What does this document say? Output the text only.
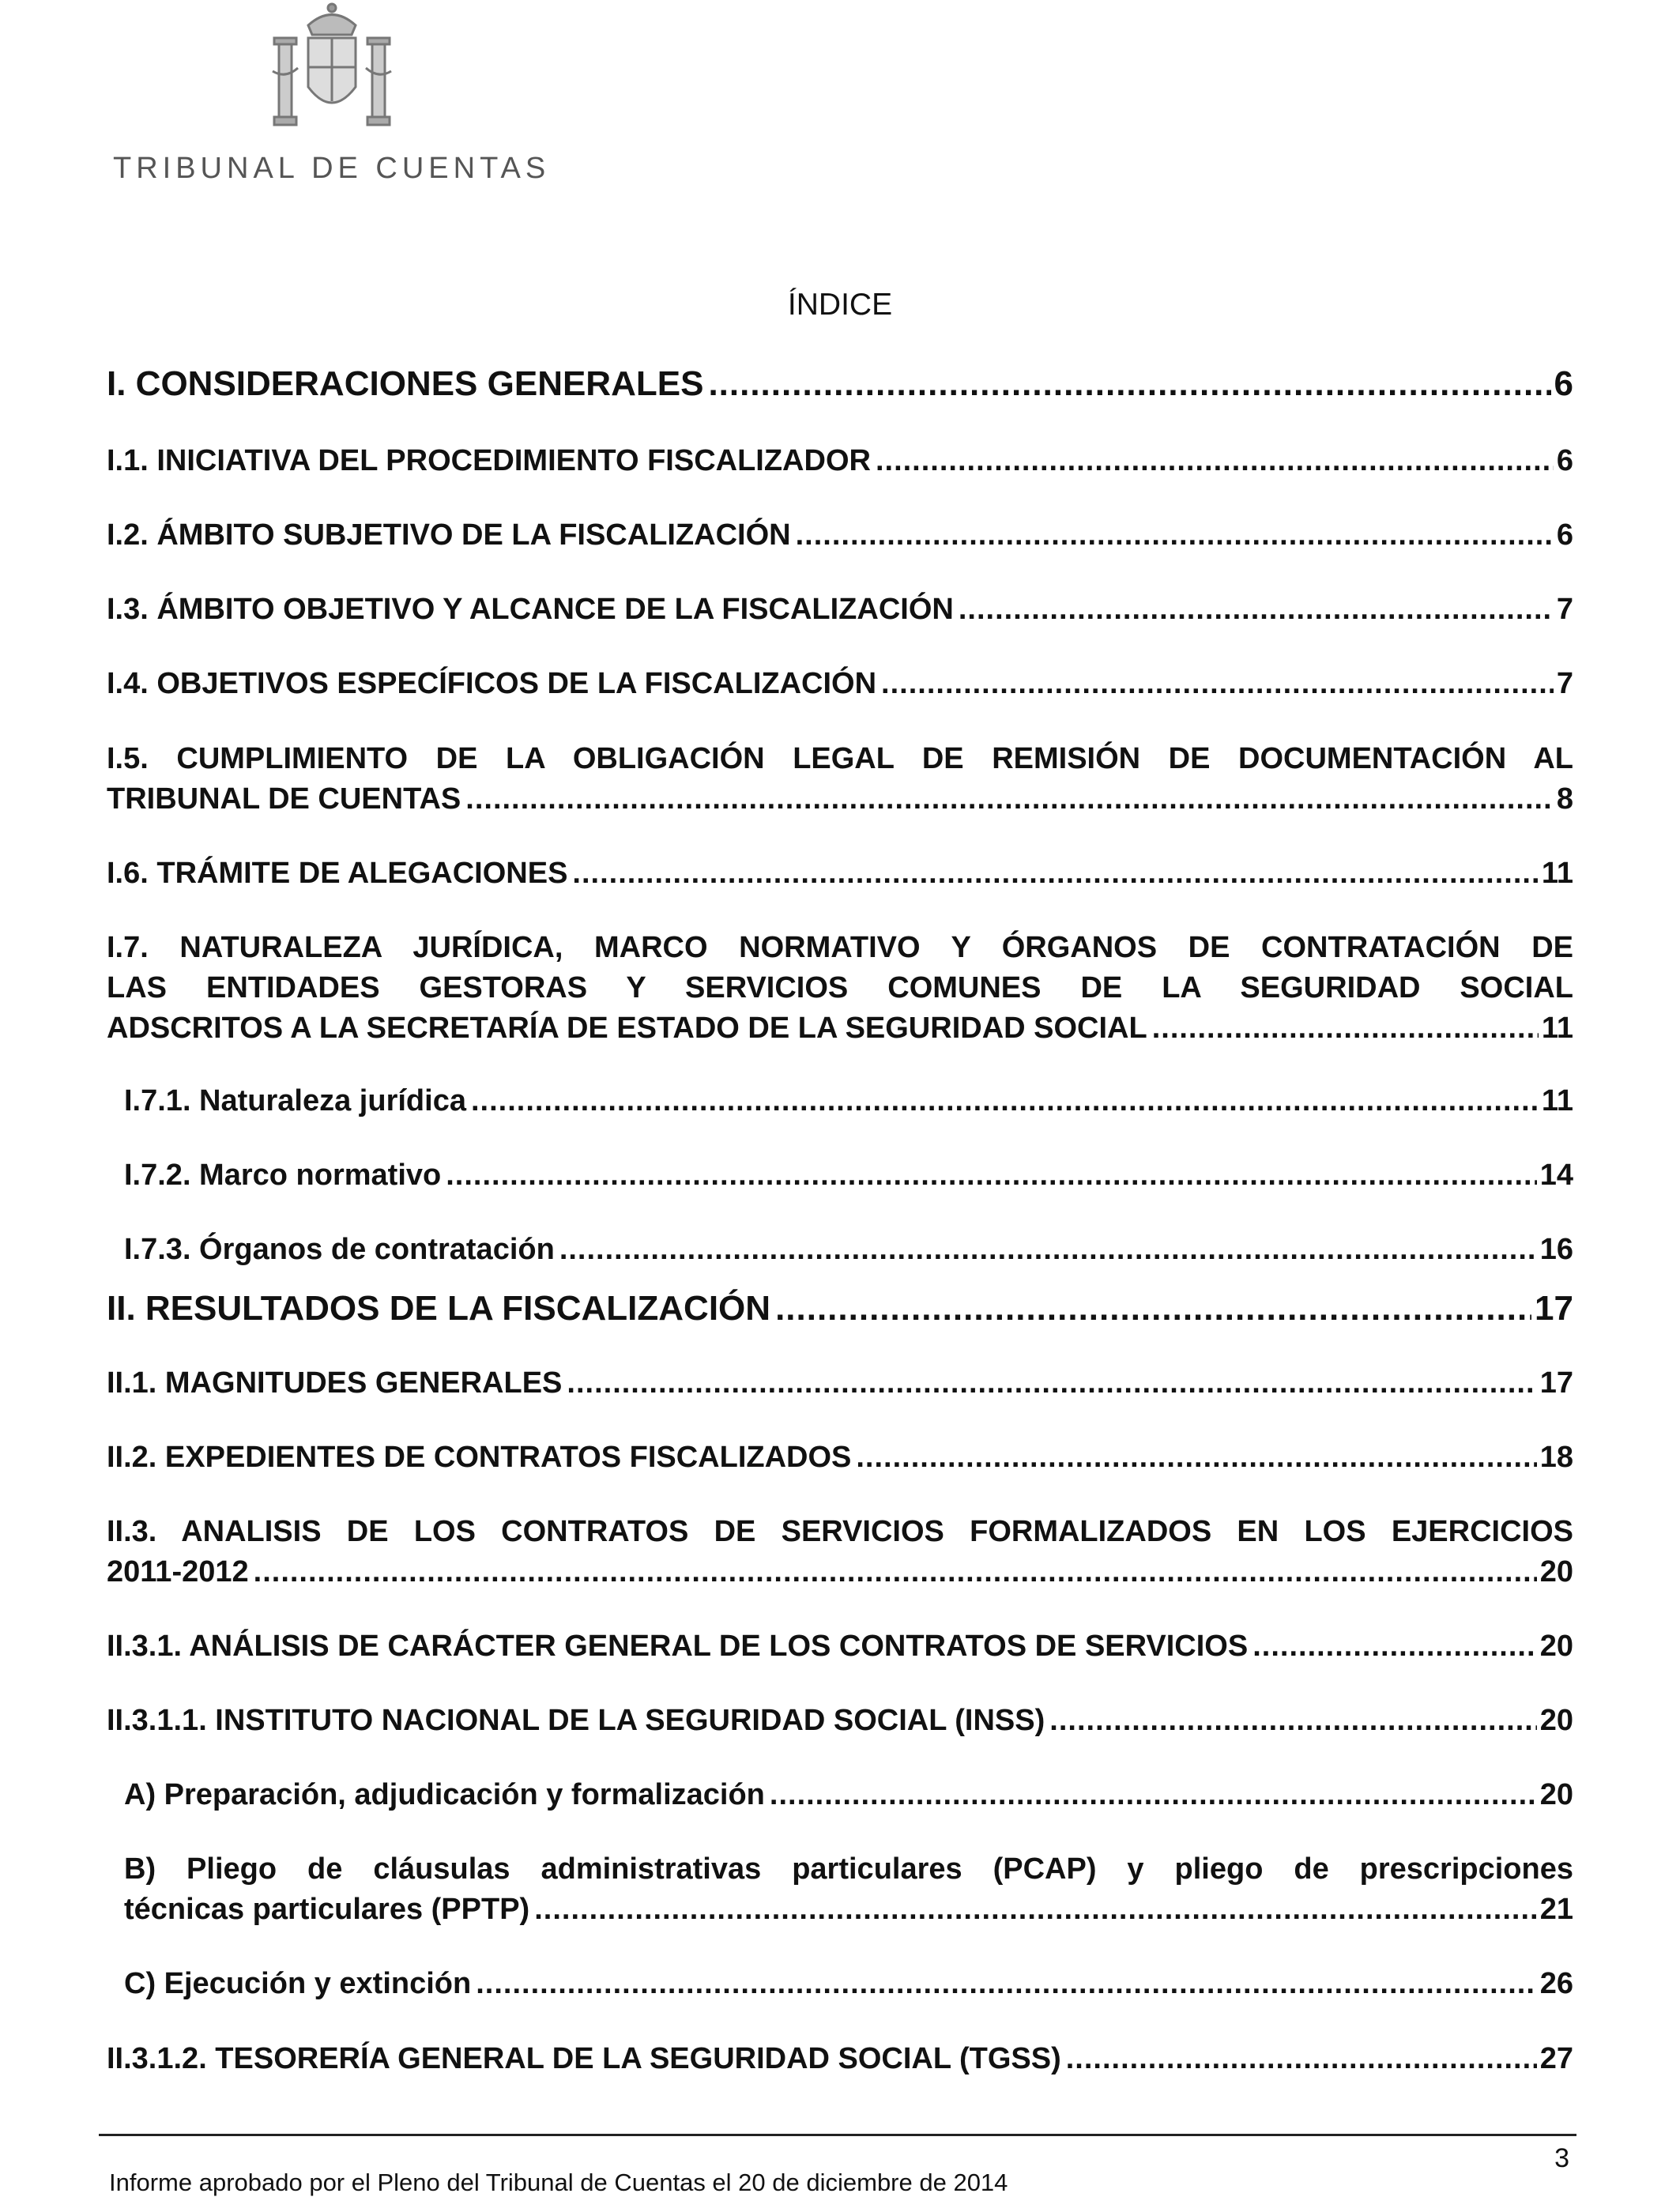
TRIBUNAL DE CUENTAS
ÍNDICE
I. CONSIDERACIONES GENERALES .....	6
I.1. INICIATIVA DEL PROCEDIMIENTO FISCALIZADOR .....	6
I.2. ÁMBITO SUBJETIVO DE LA FISCALIZACIÓN .....	6
I.3. ÁMBITO OBJETIVO Y ALCANCE DE LA FISCALIZACIÓN .....	7
I.4. OBJETIVOS ESPECÍFICOS DE LA FISCALIZACIÓN .....	7
I.5. CUMPLIMIENTO DE LA OBLIGACIÓN LEGAL DE REMISIÓN DE DOCUMENTACIÓN AL
TRIBUNAL DE CUENTAS .....	8
I.6. TRÁMITE DE ALEGACIONES .....	11
I.7. NATURALEZA JURÍDICA, MARCO NORMATIVO Y ÓRGANOS DE CONTRATACIÓN DE
LAS ENTIDADES GESTORAS Y SERVICIOS COMUNES DE LA SEGURIDAD SOCIAL
ADSCRITOS A LA SECRETARÍA DE ESTADO DE LA SEGURIDAD SOCIAL .....	11
I.7.1. Naturaleza jurídica .....	11
I.7.2. Marco normativo .....	14
I.7.3. Órganos de contratación .....	16
II. RESULTADOS DE LA FISCALIZACIÓN .....	17
II.1. MAGNITUDES GENERALES .....	17
II.2. EXPEDIENTES DE CONTRATOS FISCALIZADOS .....	18
II.3. ANALISIS DE LOS CONTRATOS DE SERVICIOS FORMALIZADOS EN LOS EJERCICIOS
2011-2012 .....	20
II.3.1. ANÁLISIS DE CARÁCTER GENERAL DE LOS CONTRATOS DE SERVICIOS .....	20
II.3.1.1. INSTITUTO NACIONAL DE LA SEGURIDAD SOCIAL (INSS) .....	20
A) Preparación, adjudicación y formalización .....	20
B) Pliego de cláusulas administrativas particulares (PCAP) y pliego de prescripciones
técnicas particulares (PPTP) .....	21
C) Ejecución y extinción .....	26
II.3.1.2. TESORERÍA GENERAL DE LA SEGURIDAD SOCIAL (TGSS) .....	27
3
Informe aprobado por el Pleno del Tribunal de Cuentas el 20 de diciembre de 2014
